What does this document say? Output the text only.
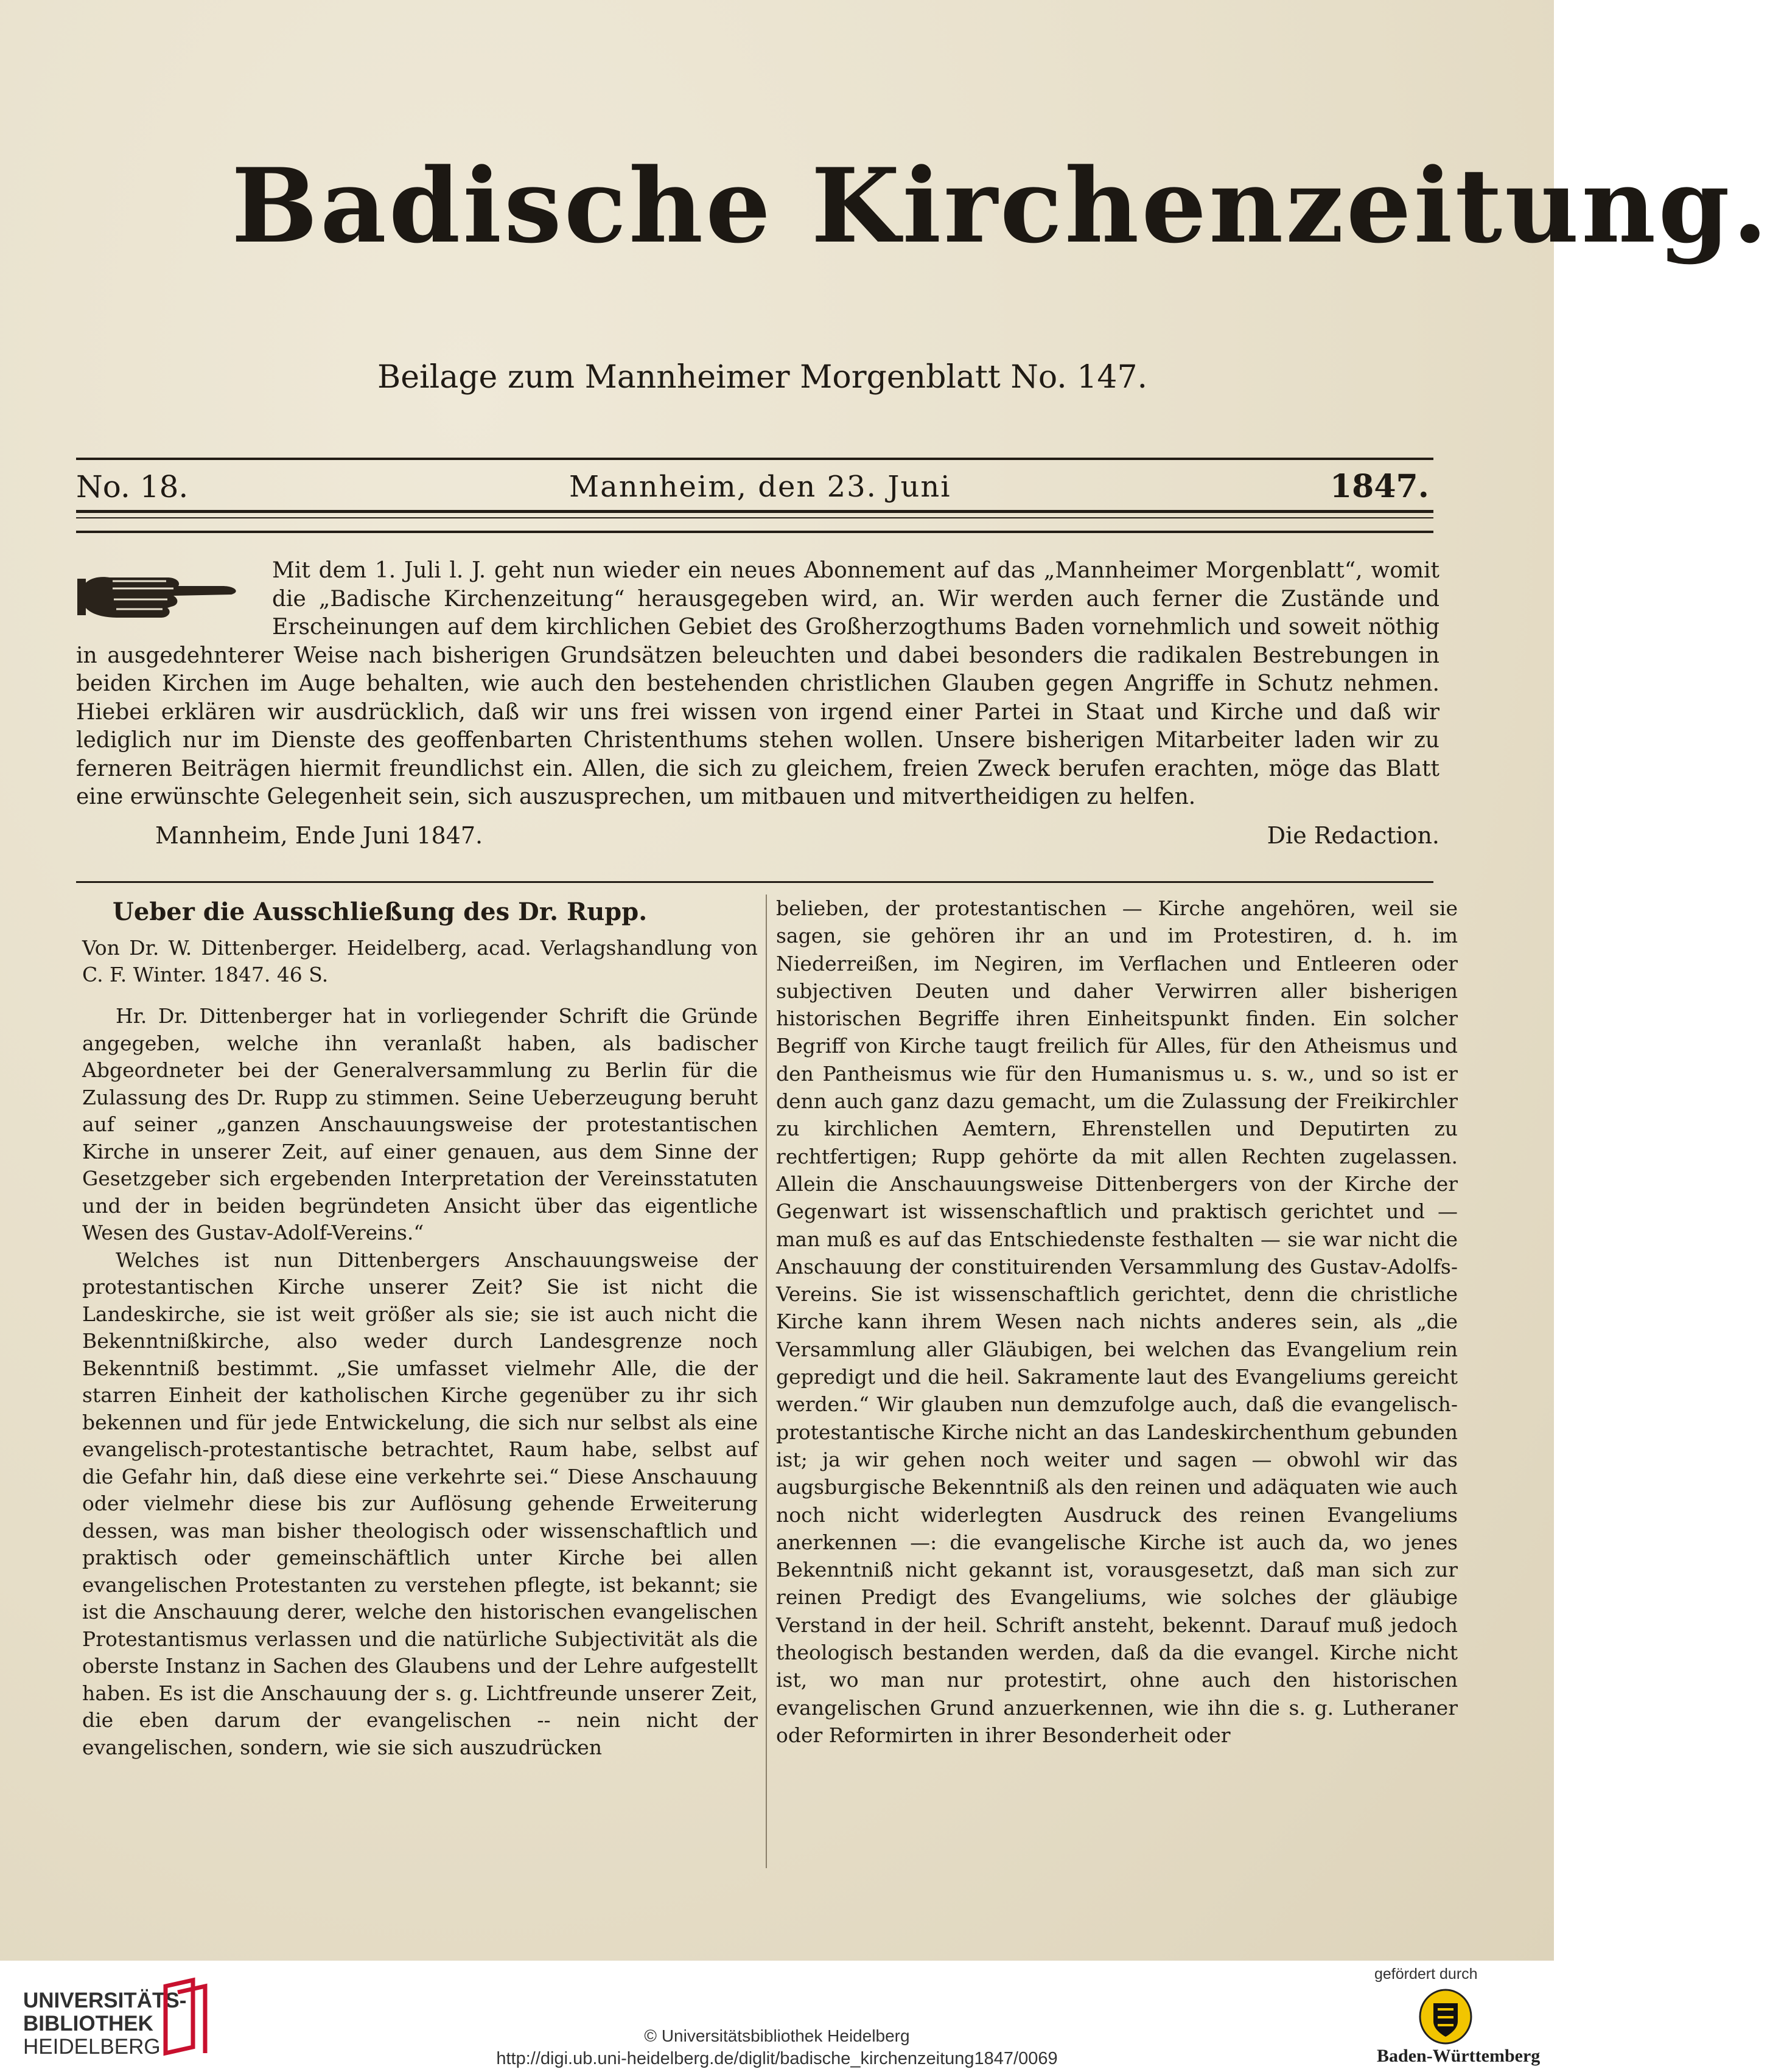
Badische Kirchenzeitung.
Beilage zum Mannheimer Morgenblatt No. 147.
No. 18.	Mannheim, den 23. Juni	1847.
Mit dem 1. Juli l. J. geht nun wieder ein neues Abonnement auf das „Mannheimer Morgenblatt“, womit die „Badische Kirchenzeitung“ herausgegeben wird, an. Wir werden auch ferner die Zustände und Erscheinungen auf dem kirchlichen Gebiet des Großherzogthums Baden vornehmlich und soweit nöthig in ausgedehnterer Weise nach bisherigen Grundsätzen beleuchten und dabei besonders die radikalen Bestrebungen in beiden Kirchen im Auge behalten, wie auch den bestehenden christlichen Glauben gegen Angriffe in Schutz nehmen. Hiebei erklären wir ausdrücklich, daß wir uns frei wissen von irgend einer Partei in Staat und Kirche und daß wir lediglich nur im Dienste des geoffenbarten Christenthums stehen wollen. Unsere bisherigen Mitarbeiter laden wir zu ferneren Beiträgen hiermit freundlichst ein. Allen, die sich zu gleichem, freien Zweck berufen erachten, möge das Blatt eine erwünschte Gelegenheit sein, sich auszusprechen, um mitbauen und mitvertheidigen zu helfen.
Mannheim, Ende Juni 1847.	Die Redaction.
Ueber die Ausschließung des Dr. Rupp.
Von Dr. W. Dittenberger. Heidelberg, acad. Verlagshandlung von C. F. Winter. 1847. 46 S.

Hr. Dr. Dittenberger hat in vorliegender Schrift die Gründe angegeben, welche ihn veranlaßt haben, als badischer Abgeordneter bei der Generalversammlung zu Berlin für die Zulassung des Dr. Rupp zu stimmen. Seine Ueberzeugung beruht auf seiner „ganzen Anschauungsweise der protestantischen Kirche in unserer Zeit, auf einer genauen, aus dem Sinne der Gesetzgeber sich ergebenden Interpretation der Vereinsstatuten und der in beiden begründeten Ansicht über das eigentliche Wesen des Gustav-Adolf-Vereins.“

Welches ist nun Dittenbergers Anschauungsweise der protestantischen Kirche unserer Zeit? Sie ist nicht die Landeskirche, sie ist weit größer als sie; sie ist auch nicht die Bekenntnißkirche, also weder durch Landesgrenze noch Bekenntniß bestimmt. „Sie umfasset vielmehr Alle, die der starren Einheit der katholischen Kirche gegenüber zu ihr sich bekennen und für jede Entwickelung, die sich nur selbst als eine evangelisch-protestantische betrachtet, Raum habe, selbst auf die Gefahr hin, daß diese eine verkehrte sei.“ Diese Anschauung oder vielmehr diese bis zur Auflösung gehende Erweiterung dessen, was man bisher theologisch oder wissenschaftlich und praktisch oder gemeinschäftlich unter Kirche bei allen evangelischen Protestanten zu verstehen pflegte, ist bekannt; sie ist die Anschauung derer, welche den historischen evangelischen Protestantismus verlassen und die natürliche Subjectivität als die oberste Instanz in Sachen des Glaubens und der Lehre aufgestellt haben. Es ist die Anschauung der s. g. Lichtfreunde unserer Zeit, die eben darum der evangelischen -- nein nicht der evangelischen, sondern, wie sie sich auszudrücken

belieben, der protestantischen — Kirche angehören, weil sie sagen, sie gehören ihr an und im Protestiren, d. h. im Niederreißen, im Negiren, im Verflachen und Entleeren oder subjectiven Deuten und daher Verwirren aller bisherigen historischen Begriffe ihren Einheitspunkt finden. Ein solcher Begriff von Kirche taugt freilich für Alles, für den Atheismus und den Pantheismus wie für den Humanismus u. s. w., und so ist er denn auch ganz dazu gemacht, um die Zulassung der Freikirchler zu kirchlichen Aemtern, Ehrenstellen und Deputirten zu rechtfertigen; Rupp gehörte da mit allen Rechten zugelassen. Allein die Anschauungsweise Dittenbergers von der Kirche der Gegenwart ist wissenschaftlich und praktisch gerichtet und — man muß es auf das Entschiedenste festhalten — sie war nicht die Anschauung der constituirenden Versammlung des Gustav-Adolfs-Vereins. Sie ist wissenschaftlich gerichtet, denn die christliche Kirche kann ihrem Wesen nach nichts anderes sein, als „die Versammlung aller Gläubigen, bei welchen das Evangelium rein gepredigt und die heil. Sakramente laut des Evangeliums gereicht werden.“ Wir glauben nun demzufolge auch, daß die evangelisch-protestantische Kirche nicht an das Landeskirchenthum gebunden ist; ja wir gehen noch weiter und sagen — obwohl wir das augsburgische Bekenntniß als den reinen und adäquaten wie auch noch nicht widerlegten Ausdruck des reinen Evangeliums anerkennen —: die evangelische Kirche ist auch da, wo jenes Bekenntniß nicht gekannt ist, vorausgesetzt, daß man sich zur reinen Predigt des Evangeliums, wie solches der gläubige Verstand in der heil. Schrift ansteht, bekennt. Darauf muß jedoch theologisch bestanden werden, daß da die evangel. Kirche nicht ist, wo man nur protestirt, ohne auch den historischen evangelischen Grund anzuerkennen, wie ihn die s. g. Lutheraner oder Reformirten in ihrer Besonderheit oder

UNIVERSITÄTS-
BIBLIOTHEK
HEIDELBERG	© Universitätsbibliothek Heidelberg
http://digi.ub.uni-heidelberg.de/diglit/badische_kirchenzeitung1847/0069
gefördert durch
Baden-Württemberg
